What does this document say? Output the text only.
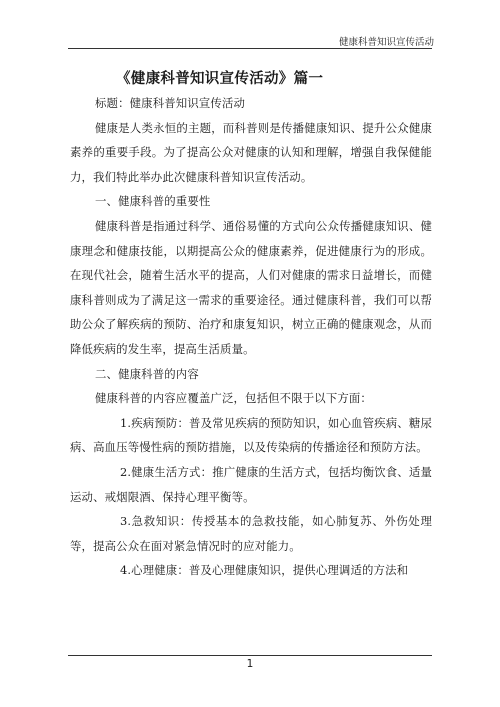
健康科普知识宣传活动
《健康科普知识宣传活动》篇一

标题：健康科普知识宣传活动

健康是人类永恒的主题，而科普则是传播健康知识、提升公众健康素养的重要手段。为了提高公众对健康的认知和理解，增强自我保健能力，我们特此举办此次健康科普知识宣传活动。

一、健康科普的重要性

健康科普是指通过科学、通俗易懂的方式向公众传播健康知识、健康理念和健康技能，以期提高公众的健康素养，促进健康行为的形成。在现代社会，随着生活水平的提高，人们对健康的需求日益增长，而健康科普则成为了满足这一需求的重要途径。通过健康科普，我们可以帮助公众了解疾病的预防、治疗和康复知识，树立正确的健康观念，从而降低疾病的发生率，提高生活质量。

二、健康科普的内容

健康科普的内容应覆盖广泛，包括但不限于以下方面：

1.疾病预防：普及常见疾病的预防知识，如心血管疾病、糖尿病、高血压等慢性病的预防措施，以及传染病的传播途径和预防方法。

2.健康生活方式：推广健康的生活方式，包括均衡饮食、适量运动、戒烟限酒、保持心理平衡等。

3.急救知识：传授基本的急救技能，如心肺复苏、外伤处理等，提高公众在面对紧急情况时的应对能力。

4.心理健康：普及心理健康知识，提供心理调适的方法和

1
